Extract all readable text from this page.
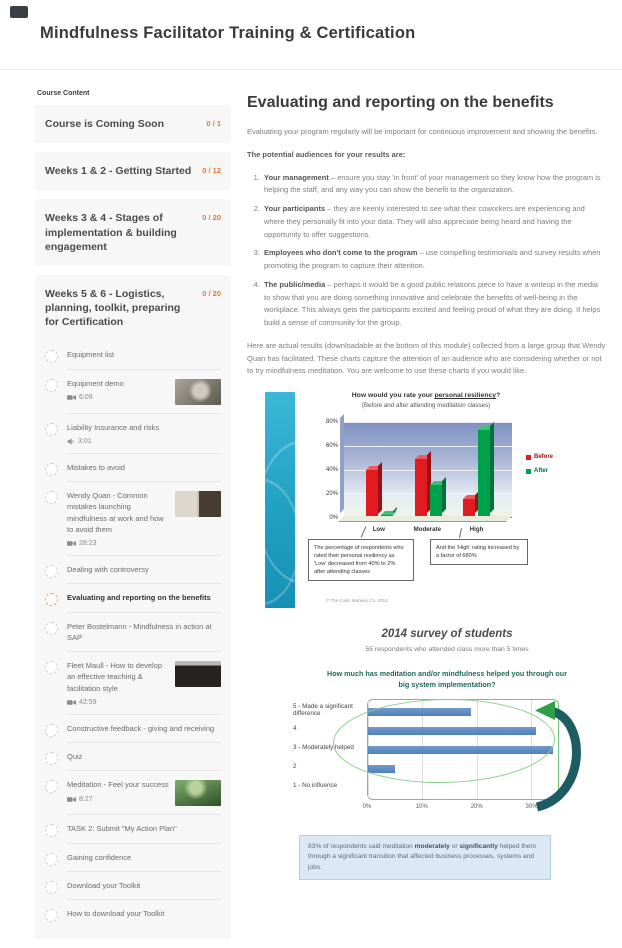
Mindfulness Facilitator Training & Certification
Course Content
Course is Coming Soon	0 / 1
Weeks 1 & 2 - Getting Started 0 / 12
Weeks 3 & 4 - Stages of implementation & building engagement
0 / 20
Weeks 5 & 6 - Logistics, planning, toolkit, preparing for Certification
0 / 20
Equipment list
Equipment demo
6:09
Liability Insurance and risks
3:01
Mistakes to avoid
Wendy Quan - Common mistakes launching mindfulness at work and how to avoid them
28:23
Dealing with controversy
Evaluating and reporting on the benefits
Peter Bostelmann - Mindfulness in action at SAP
Fleet Maull - How to develop an effective teaching & facilitation style
42:59
Constructive feedback - giving and receiving
Quiz
Meditation - Feel your success
8:27
TASK 2: Submit "My Action Plan"
Gaining confidence
Download your Toolkit
How to download your Toolkit
Evaluating and reporting on the benefits

Evaluating your program regularly will be important for continuous improvement and showing the benefits.

The potential audiences for your results are:

1. Your management – ensure you stay 'in front' of your management so they know how the program is helping the staff, and any way you can show the benefit to the organization.
2. Your participants – they are keenly interested to see what their coworkers are experiencing and where they personally fit into your data. They will also appreciate being heard and having the opportunity to offer suggestions.
3. Employees who don't come to the program – use compelling testimonials and survey results when promoting the program to capture their attention.
4. The public/media – perhaps it would be a good public relations piece to have a writeup in the media to show that you are doing something innovative and celebrate the benefits of well-being in the workplace. This always gets the participants excited and feeling proud of what they are doing. It helps build a sense of community for the group.

Here are actual results (downloadable at the bottom of this module) collected from a large group that Wendy Quan has facilitated. These charts capture the attention of an audience who are considering whether or not to try mindfulness meditation. You are welcome to use these charts if you would like.

How would you rate your personal resiliency?
(Before and after attending meditation classes)
0%
20%
40%
60%
80%
Low	Moderate	High
Before
After
The percentage of respondents who rated their personal resiliency as 'Low' decreased from 40% to 2% after attending classes
And the 'High' rating increased by a factor of 680%
© The Calm Monkey Co. 2014
2014 survey of students
55 respondents who attended class more than 5 times
How much has meditation and/or mindfulness helped you through our big system implementation?
5 - Made a significant difference
4
3 - Moderately helped
2
1 - No influence
0%	10%	20%	30%
83% of respondents said meditation moderately or significantly helped them through a significant transition that affected business processes, systems and jobs.
